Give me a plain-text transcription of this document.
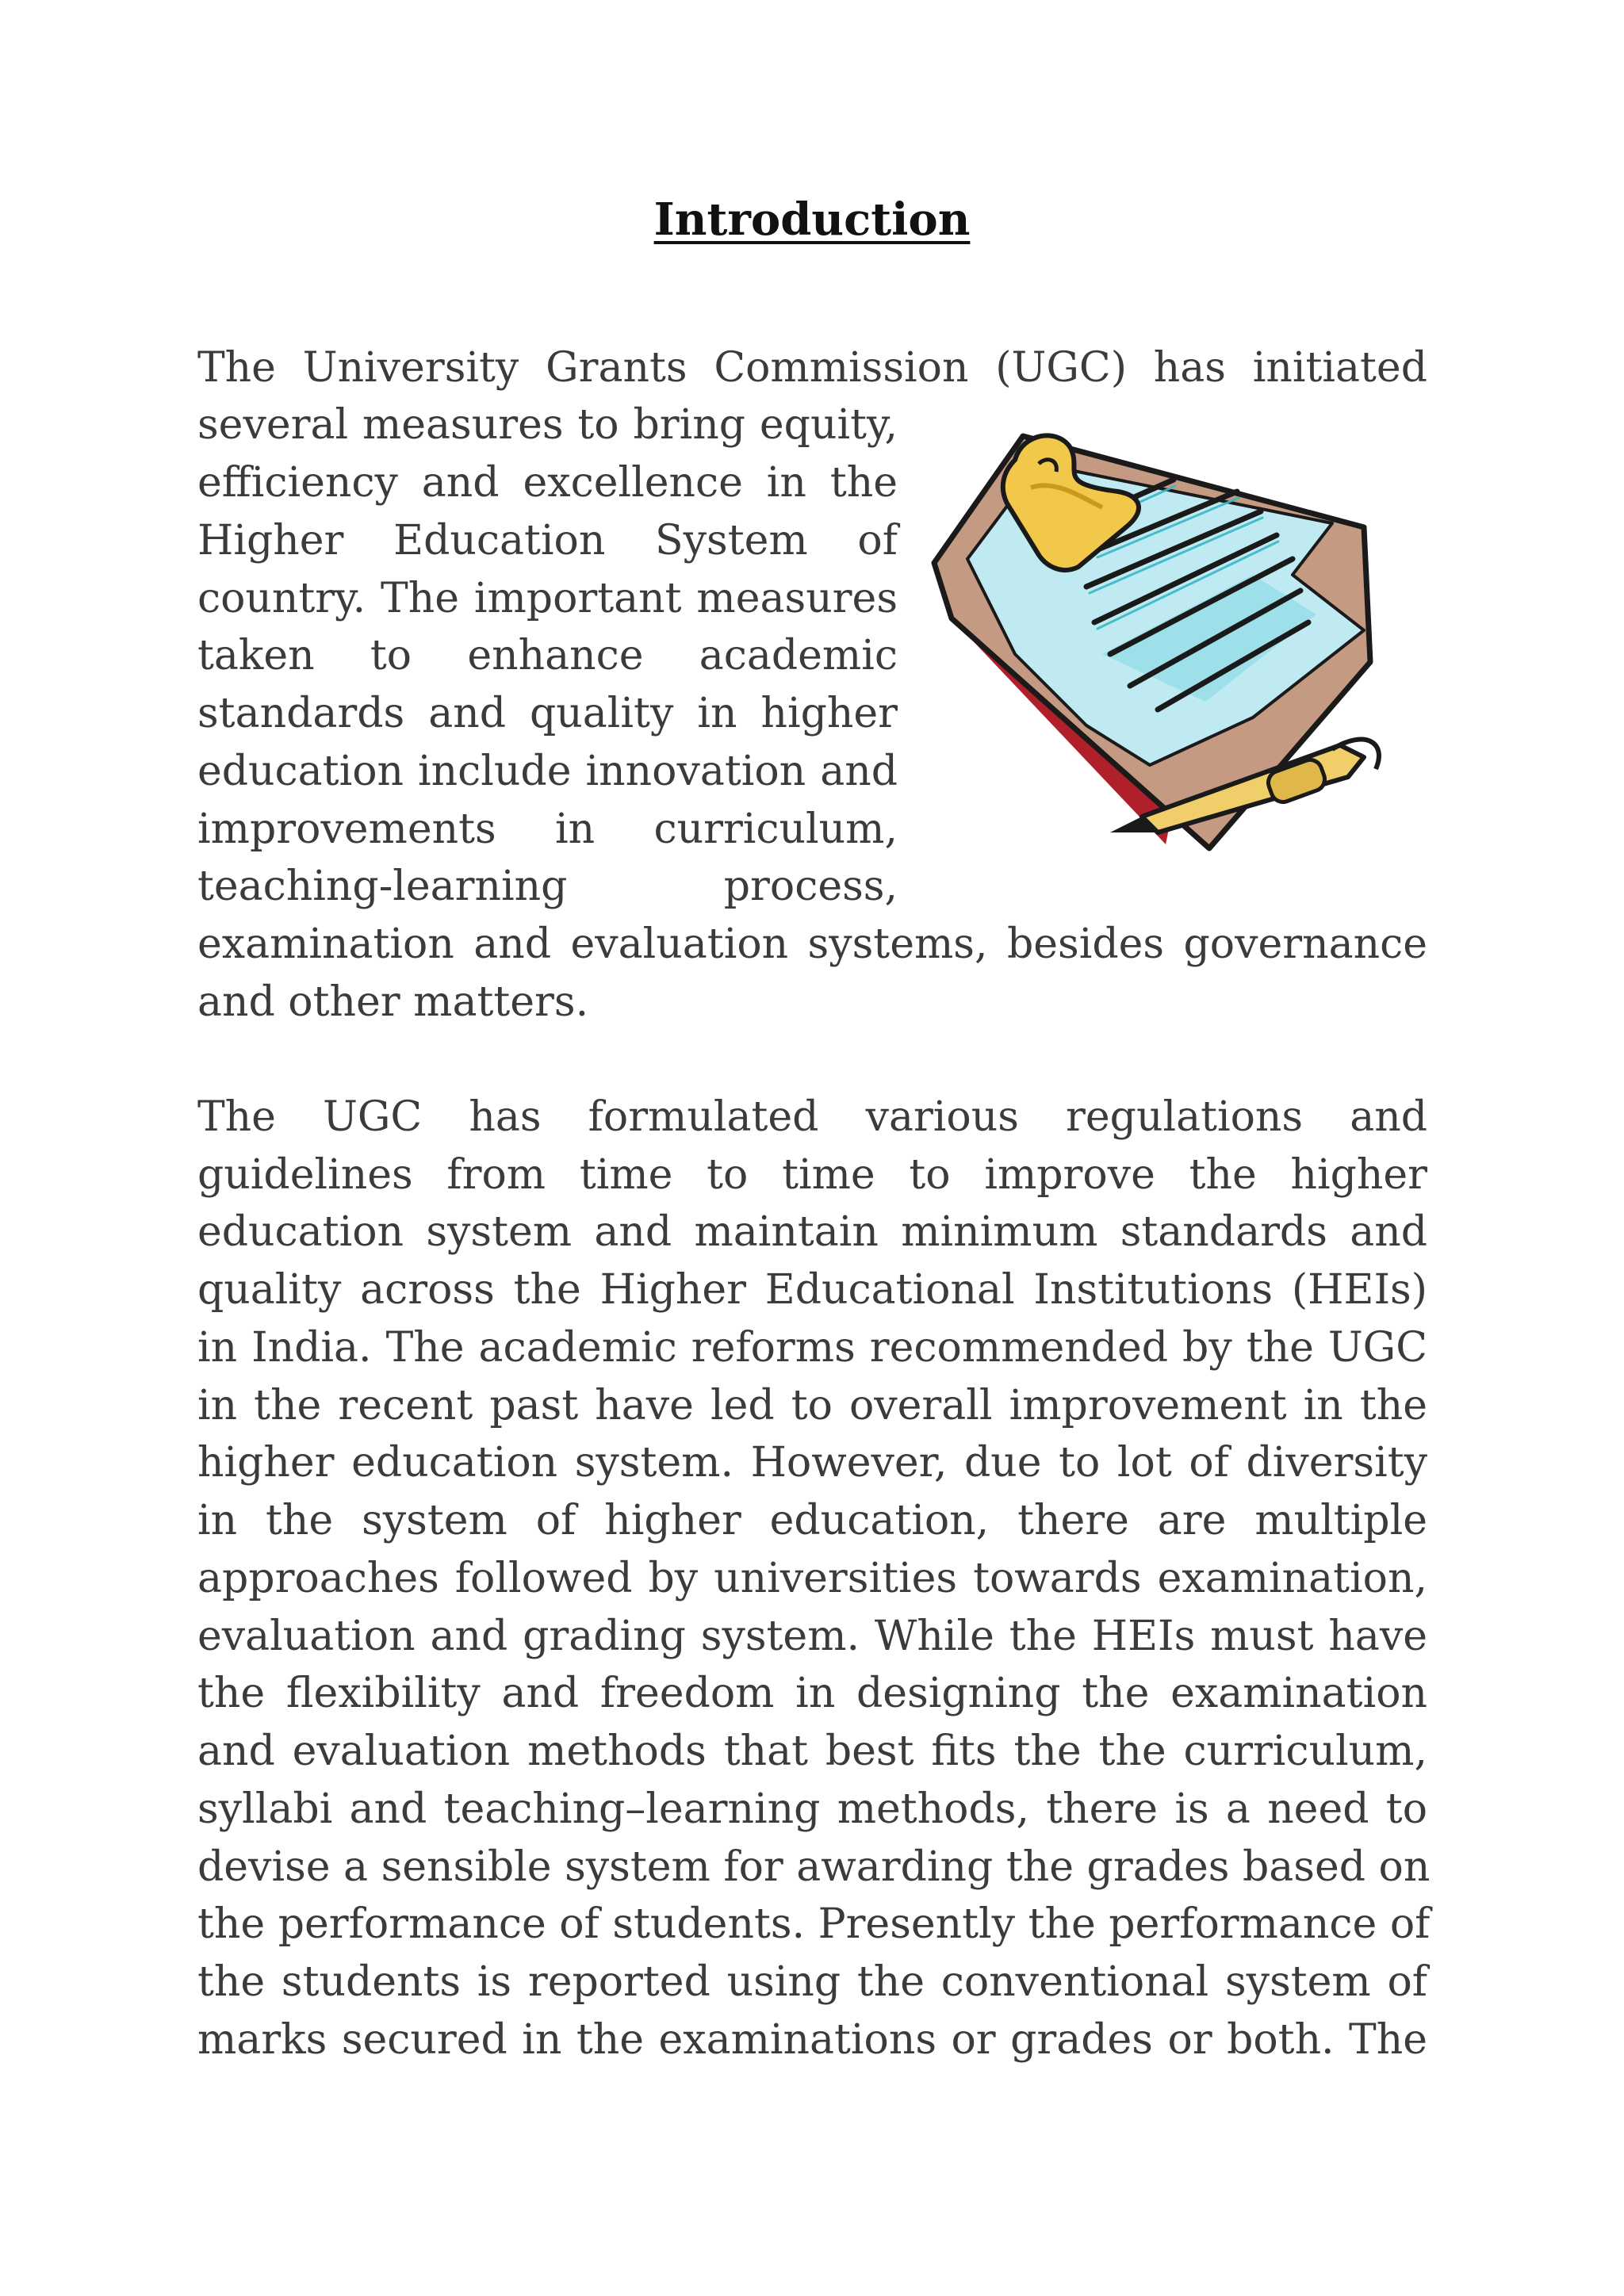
Introduction

The University Grants Commission (UGC) has initiated

several measures to bring equity,

efficiency and excellence in the

Higher Education System of

country. The important measures

taken to enhance academic

standards and quality in higher

education include innovation and

improvements in curriculum,

teaching-learning process,

examination and evaluation systems, besides governance

and other matters.

The UGC has formulated various regulations and

guidelines from time to time to improve the higher

education system and maintain minimum standards and

quality across the Higher Educational Institutions (HEIs)

in India. The academic reforms recommended by the UGC

in the recent past have led to overall improvement in the

higher education system. However, due to lot of diversity

in the system of higher education, there are multiple

approaches followed by universities towards examination,

evaluation and grading system. While the HEIs must have

the flexibility and freedom in designing the examination

and evaluation methods that best fits the the curriculum,

syllabi and teaching–learning methods, there is a need to

devise a sensible system for awarding the grades based on

the performance of students. Presently the performance of

the students is reported using the conventional system of

marks secured in the examinations or grades or both. The
